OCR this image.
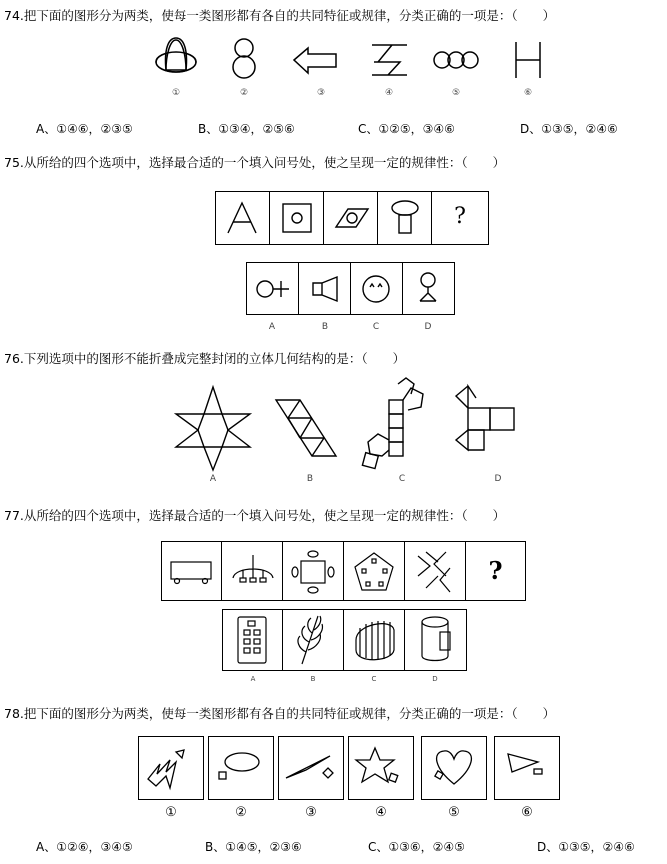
74.把下面的图形分为两类，使每一类图形都有各自的共同特征或规律，分类正确的一项是：（　　）
①	②	③	④	⑤	⑥
A、①④⑥，②③⑤	B、①③④，②⑤⑥	C、①②⑤，③④⑥	D、①③⑤，②④⑥
75.从所给的四个选项中，选择最合适的一个填入问号处，使之呈现一定的规律性：（　　）
?
A	B	C	D
76.下列选项中的图形不能折叠成完整封闭的立体几何结构的是：（　　）
A	B	C	D
77.从所给的四个选项中，选择最合适的一个填入问号处，使之呈现一定的规律性：（　　）
?
A	B	C	D
78.把下面的图形分为两类，使每一类图形都有各自的共同特征或规律，分类正确的一项是：（　　）
①	②	③	④	⑤	⑥
A、①②⑥，③④⑤	B、①④⑤，②③⑥	C、①③⑥，②④⑤	D、①③⑤，②④⑥
